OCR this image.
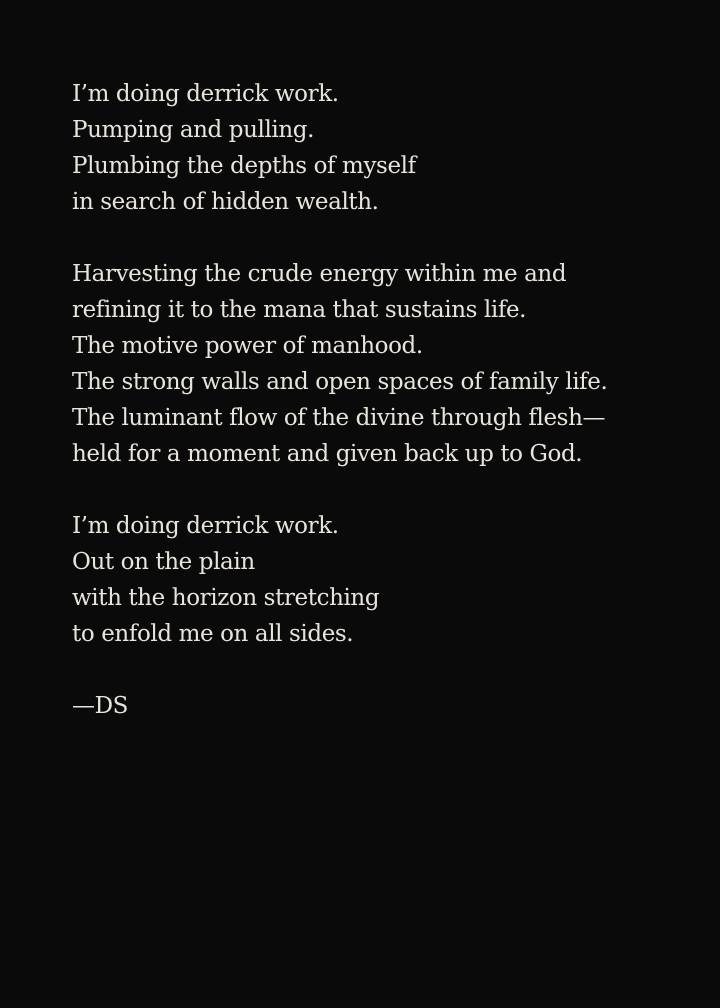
I’m doing derrick work.
Pumping and pulling.
Plumbing the depths of myself
in search of hidden wealth.
Harvesting the crude energy within me and
refining it to the mana that sustains life.
The motive power of manhood.
The strong walls and open spaces of family life.
The luminant flow of the divine through flesh—
held for a moment and given back up to God.
I’m doing derrick work.
Out on the plain
with the horizon stretching
to enfold me on all sides.
—DS
